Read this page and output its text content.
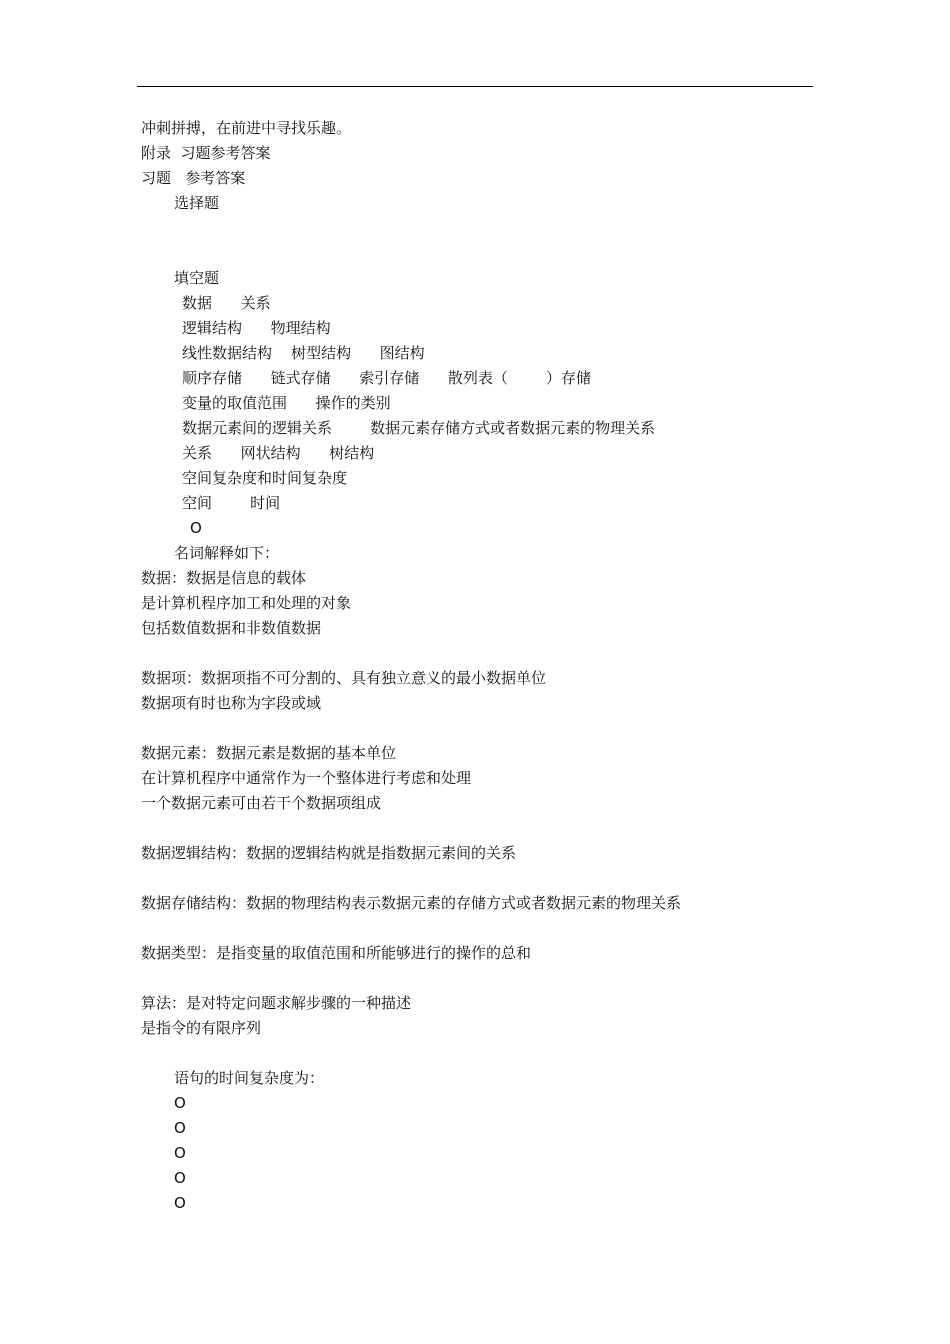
冲刺拼搏，在前进中寻找乐趣。
附录  习题参考答案
习题   参考答案
选择题
填空题
数据      关系
逻辑结构      物理结构
线性数据结构    树型结构      图结构
顺序存储      链式存储      索引存储      散列表（        ）存储
变量的取值范围      操作的类别
数据元素间的逻辑关系        数据元素存储方式或者数据元素的物理关系
关系      网状结构      树结构
空间复杂度和时间复杂度
空间        时间
O
名词解释如下：
数据：数据是信息的载体
是计算机程序加工和处理的对象
包括数值数据和非数值数据
数据项：数据项指不可分割的、具有独立意义的最小数据单位
数据项有时也称为字段或域
数据元素：数据元素是数据的基本单位
在计算机程序中通常作为一个整体进行考虑和处理
一个数据元素可由若干个数据项组成
数据逻辑结构：数据的逻辑结构就是指数据元素间的关系
数据存储结构：数据的物理结构表示数据元素的存储方式或者数据元素的物理关系
数据类型：是指变量的取值范围和所能够进行的操作的总和
算法：是对特定问题求解步骤的一种描述
是指令的有限序列
语句的时间复杂度为：
O
O
O
O
O
